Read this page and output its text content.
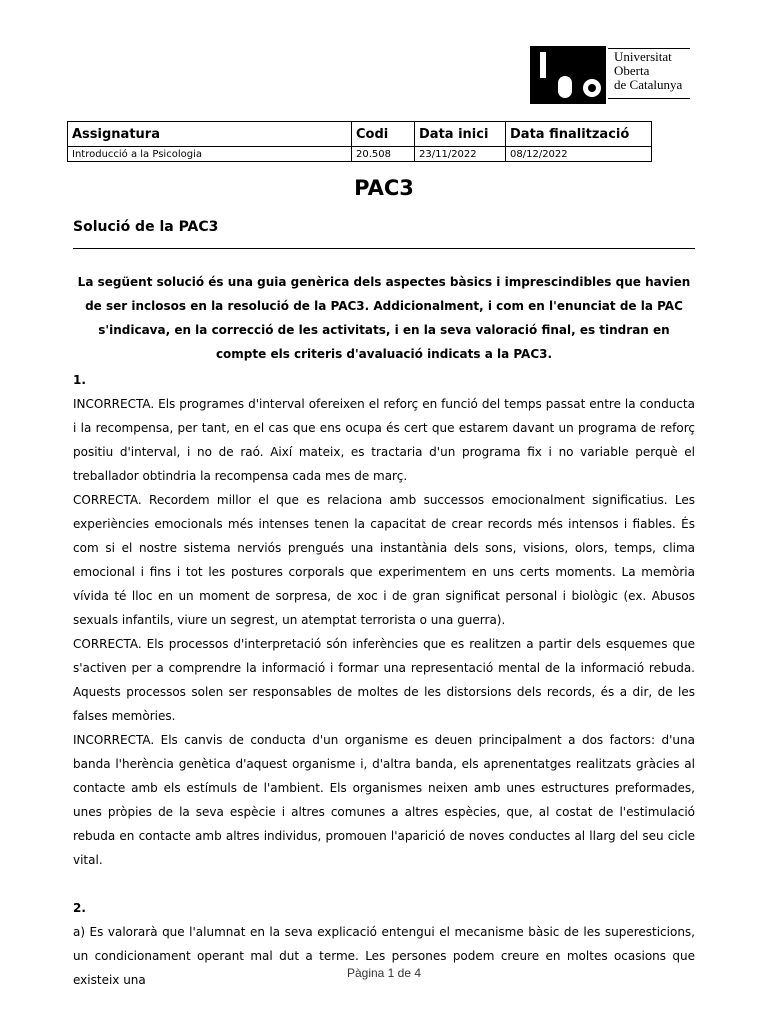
Universitat
Oberta
de Catalunya
Assignatura	Codi	Data inici	Data finalització
Introducció a la Psicologia	20.508	23/11/2022	08/12/2022
PAC3
Solució de la PAC3

La següent solució és una guia genèrica dels aspectes bàsics i imprescindibles que havien de ser inclosos en la resolució de la PAC3. Addicionalment, i com en l'enunciat de la PAC s'indicava, en la correcció de les activitats, i en la seva valoració final, es tindran en compte els criteris d'avaluació indicats a la PAC3.

1.

INCORRECTA. Els programes d'interval ofereixen el reforç en funció del temps passat entre la conducta i la recompensa, per tant, en el cas que ens ocupa és cert que estarem davant un programa de reforç positiu d'interval, i no de raó. Així mateix, es tractaria d'un programa fix i no variable perquè el treballador obtindria la recompensa cada mes de març.

CORRECTA. Recordem millor el que es relaciona amb successos emocionalment significatius. Les experiències emocionals més intenses tenen la capacitat de crear records més intensos i fiables. És com si el nostre sistema nerviós prengués una instantània dels sons, visions, olors, temps, clima emocional i fins i tot les postures corporals que experimentem en uns certs moments. La memòria vívida té lloc en un moment de sorpresa, de xoc i de gran significat personal i biològic (ex. Abusos sexuals infantils, viure un segrest, un atemptat terrorista o una guerra).

CORRECTA. Els processos d'interpretació són inferències que es realitzen a partir dels esquemes que s'activen per a comprendre la informació i formar una representació mental de la informació rebuda. Aquests processos solen ser responsables de moltes de les distorsions dels records, és a dir, de les falses memòries.

INCORRECTA. Els canvis de conducta d'un organisme es deuen principalment a dos factors: d'una banda l'herència genètica d'aquest organisme i, d'altra banda, els aprenentatges realitzats gràcies al contacte amb els estímuls de l'ambient. Els organismes neixen amb unes estructures preformades, unes pròpies de la seva espècie i altres comunes a altres espècies, que, al costat de l'estimulació rebuda en contacte amb altres individus, promouen l'aparició de noves conductes al llarg del seu cicle vital.

2.

a) Es valorarà que l'alumnat en la seva explicació entengui el mecanisme bàsic de les superesticions, un condicionament operant mal dut a terme. Les persones podem creure en moltes ocasions que existeix una	Pàgina 1 de 4
